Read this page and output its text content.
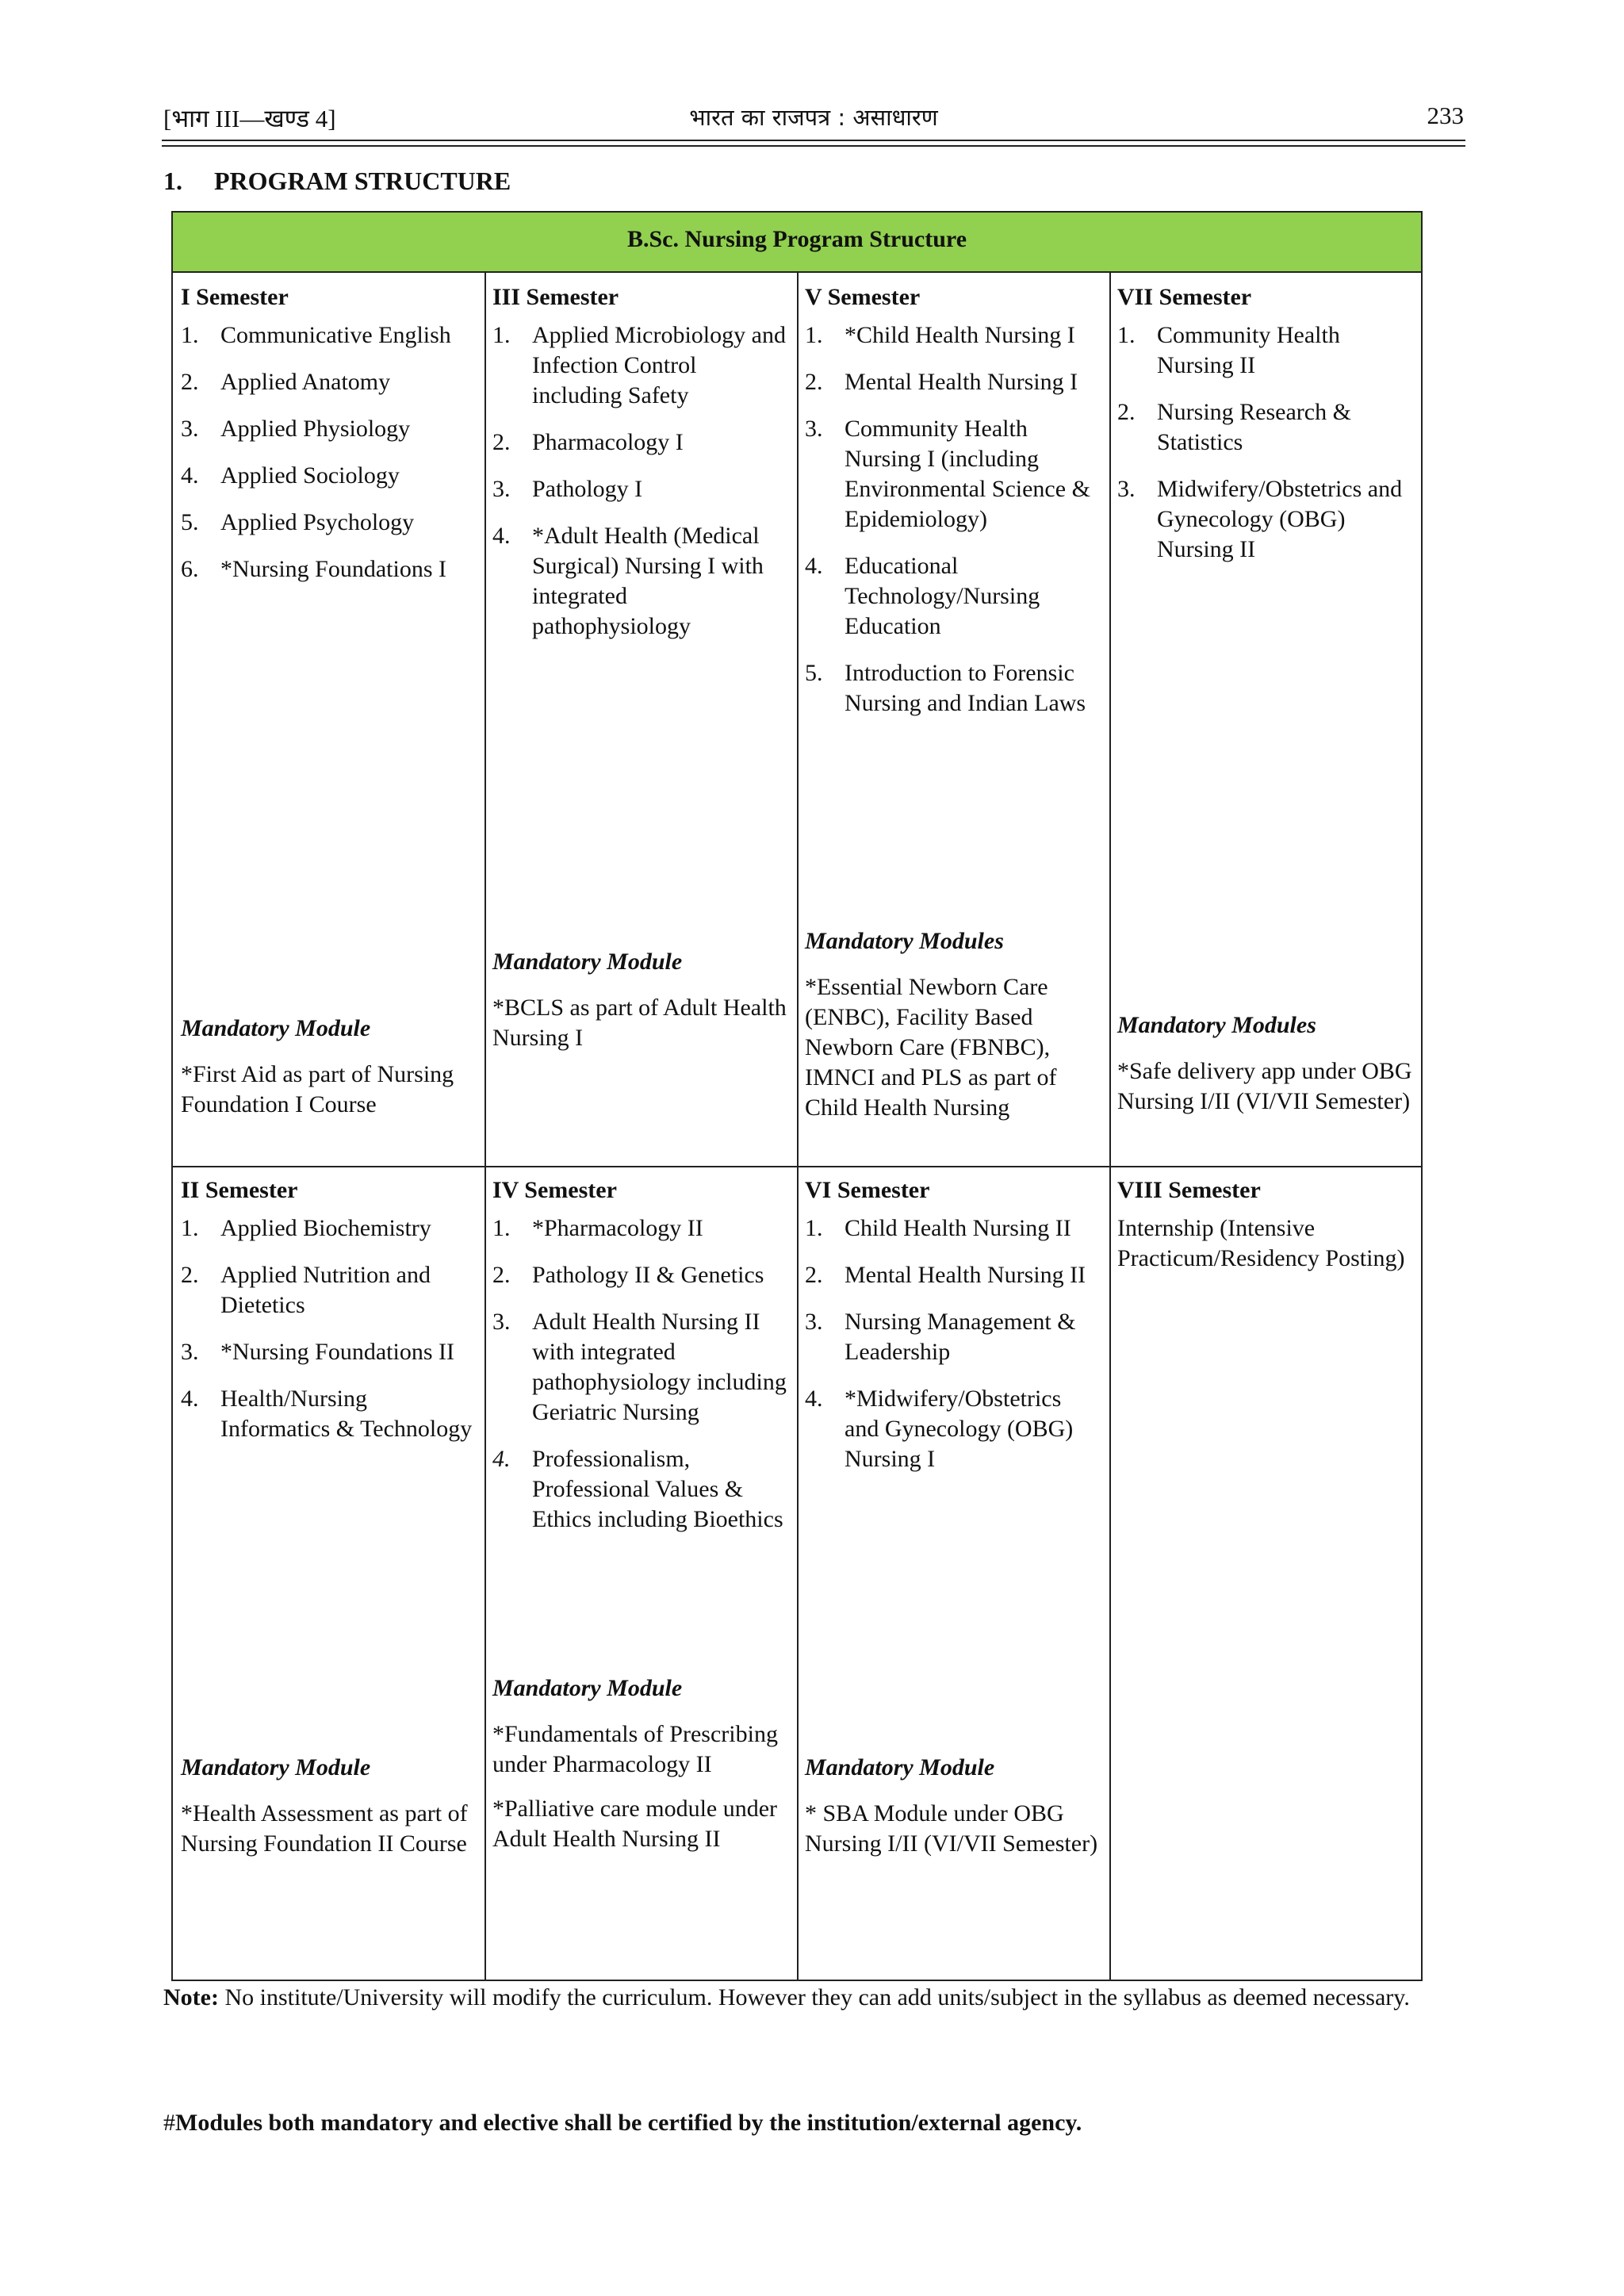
[भाग III—खण्ड 4]	भारत का राजपत्र : असाधारण	233
1. PROGRAM STRUCTURE
B.Sc. Nursing Program Structure
I Semester
1. Communicative English
2. Applied Anatomy
3. Applied Physiology
4. Applied Sociology
5. Applied Psychology
6. *Nursing Foundations I
Mandatory Module

*First Aid as part of Nursing Foundation I Course

III Semester
1. Applied Microbiology and Infection Control including Safety
2. Pharmacology I
3. Pathology I
4. *Adult Health (Medical Surgical) Nursing I with integrated pathophysiology
Mandatory Module

*BCLS as part of Adult Health Nursing I

V Semester
1. *Child Health Nursing I
2. Mental Health Nursing I
3. Community Health Nursing I (including Environmental Science & Epidemiology)
4. Educational Technology/Nursing Education
5. Introduction to Forensic Nursing and Indian Laws
Mandatory Modules

*Essential Newborn Care (ENBC), Facility Based Newborn Care (FBNBC), IMNCI and PLS as part of Child Health Nursing

VII Semester
1. Community Health Nursing II
2. Nursing Research & Statistics
3. Midwifery/Obstetrics and Gynecology (OBG) Nursing II
Mandatory Modules

*Safe delivery app under OBG Nursing I/II (VI/VII Semester)

II Semester
1. Applied Biochemistry
2. Applied Nutrition and Dietetics
3. *Nursing Foundations II
4. Health/Nursing Informatics & Technology
Mandatory Module

*Health Assessment as part of Nursing Foundation II Course

IV Semester
1. *Pharmacology II
2. Pathology II & Genetics
3. Adult Health Nursing II with integrated pathophysiology including Geriatric Nursing
4. Professionalism, Professional Values & Ethics including Bioethics
Mandatory Module

*Fundamentals of Prescribing under Pharmacology II

*Palliative care module under Adult Health Nursing II

VI Semester
1. Child Health Nursing II
2. Mental Health Nursing II
3. Nursing Management & Leadership
4. *Midwifery/Obstetrics and Gynecology (OBG) Nursing I
Mandatory Module

* SBA Module under OBG Nursing I/II (VI/VII Semester)

VIII Semester
Internship (Intensive Practicum/Residency Posting)
Note: No institute/University will modify the curriculum. However they can add units/subject in the syllabus as deemed necessary.
#Modules both mandatory and elective shall be certified by the institution/external agency.
